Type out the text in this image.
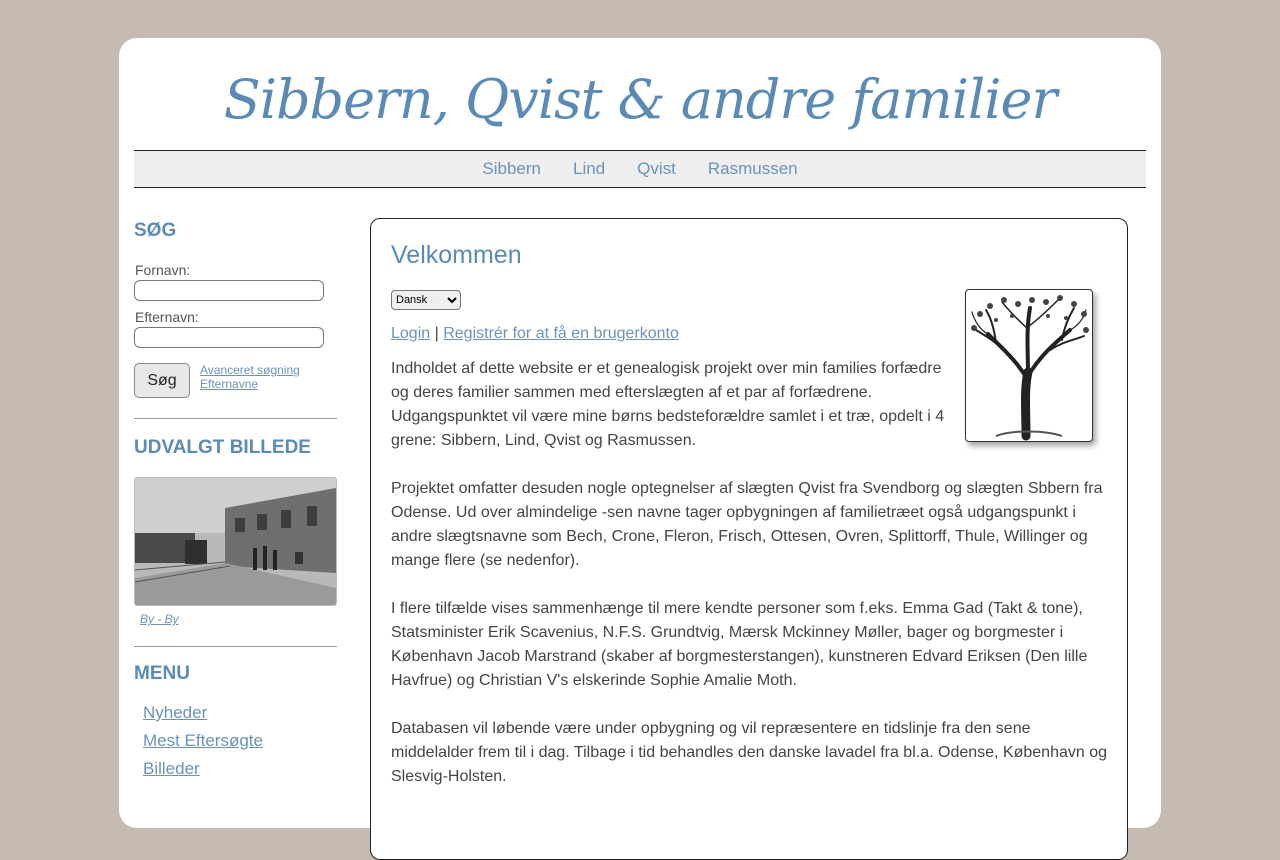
Sibbern, Qvist & andre familier
Sibbern Lind Qvist Rasmussen
SØG
Fornavn:
Efternavn:
Søg
Avanceret søgning
Efternavne
UDVALGT BILLEDE
By - By
MENU
Nyheder
Mest Eftersøgte
Billeder
Velkommen
Dansk
Login | Registrér for at få en brugerkonto

Indholdet af dette website er et genealogisk projekt over min families forfædre og deres familier sammen med efterslægten af et par af forfædrene. Udgangspunktet vil være mine børns bedsteforældre samlet i et træ, opdelt i 4 grene: Sibbern, Lind, Qvist og Rasmussen.

Projektet omfatter desuden nogle optegnelser af slægten Qvist fra Svendborg og slægten Sbbern fra Odense. Ud over almindelige -sen navne tager opbygningen af familietræet også udgangspunkt i andre slægtsnavne som Bech, Crone, Fleron, Frisch, Ottesen, Ovren, Splittorff, Thule, Willinger og mange flere (se nedenfor).

I flere tilfælde vises sammenhænge til mere kendte personer som f.eks. Emma Gad (Takt & tone), Statsminister Erik Scavenius, N.F.S. Grundtvig, Mærsk Mckinney Møller, bager og borgmester i København Jacob Marstrand (skaber af borgmesterstangen), kunstneren Edvard Eriksen (Den lille Havfrue) og Christian V's elskerinde Sophie Amalie Moth.

Databasen vil løbende være under opbygning og vil repræsentere en tidslinje fra den sene middelalder frem til i dag. Tilbage i tid behandles den danske lavadel fra bl.a. Odense, København og Slesvig-Holsten.
